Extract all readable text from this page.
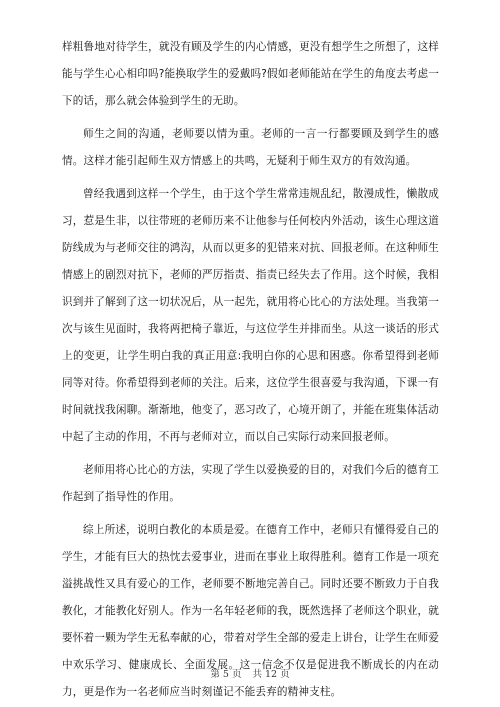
样粗鲁地对待学生，就没有顾及学生的内心情感，更没有想学生之所想了，这样能与学生心心相印吗?能换取学生的爱戴吗?假如老师能站在学生的角度去考虑一下的话，那么就会体验到学生的无助。

师生之间的沟通，老师要以情为重。老师的一言一行都要顾及到学生的感情。这样才能引起师生双方情感上的共鸣，无疑利于师生双方的有效沟通。

曾经我遇到这样一个学生，由于这个学生常常违规乱纪，散漫成性，懒散成习，惹是生非，以往带班的老师历来不让他参与任何校内外活动，该生心理这道防线成为与老师交往的鸿沟，从而以更多的犯错来对抗、回报老师。在这种师生情感上的剧烈对抗下，老师的严厉指责、指责已经失去了作用。这个时候，我相识到并了解到了这一切状况后，从一起先，就用将心比心的方法处理。当我第一次与该生见面时，我将两把椅子靠近，与这位学生并排而坐。从这一谈话的形式上的变更，让学生明白我的真正用意:我明白你的心思和困惑。你希望得到老师同等对待。你希望得到老师的关注。后来，这位学生很喜爱与我沟通，下课一有时间就找我闲聊。渐渐地，他变了，恶习改了，心境开朗了，并能在班集体活动中起了主动的作用，不再与老师对立，而以自己实际行动来回报老师。

老师用将心比心的方法，实现了学生以爱换爱的目的，对我们今后的德育工作起到了指导性的作用。

综上所述，说明白教化的本质是爱。在德育工作中，老师只有懂得爱自己的学生，才能有巨大的热忱去爱事业，进而在事业上取得胜利。德育工作是一项充溢挑战性又具有爱心的工作，老师要不断地完善自己。同时还要不断致力于自我教化，才能教化好别人。作为一名年轻老师的我，既然选择了老师这个职业，就要怀着一颗为学生无私奉献的心，带着对学生全部的爱走上讲台，让学生在师爱中欢乐学习、健康成长、全面发展。这一信念不仅是促进我不断成长的内在动力，更是作为一名老师应当时刻谨记不能丢弃的精神支柱。

第 5 页 共 12 页
